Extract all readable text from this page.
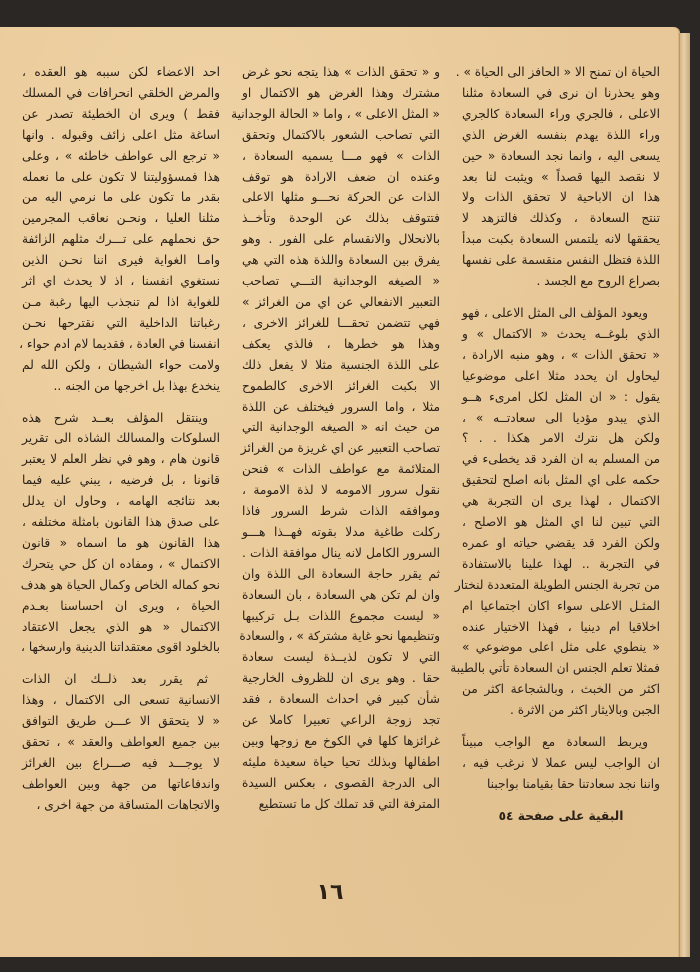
احد الاعضاء لكن سببه هو العقده ،
والمرض الخلقي انحرافات في المسلك
فقط ) ويرى ان الخطيئة تصدر عن
اساغة مثل اعلى زائف وقبوله . وانها
« ترجع الى عواطف خاطئه » ، وعلى
هذا فمسؤوليتنا لا تكون على ما نعمله
بقدر ما تكون على ما نرمي اليه من
مثلنا العليا ، ونحـن نعاقب المجرمين
حق نحملهم على تـــرك مثلهم الزائفة
وامـا الغواية فيرى اننا نحـن الذين
نستغوي انفسنا ، اذ لا يحدث اي اثر
للغواية اذا لم تنجذب اليها رغبة مـن
رغباتنا الداخلية التي نقترحها نحـن
انفسنا في العادة ، فقديما لام ادم حواء ،
ولامت حواء الشيطان ، ولكن الله لم
ينخدع بهذا بل اخرجها من الجنه ..

وينتقل المؤلف بعــد شرح هذه
السلوكات والمسالك الشاذه الى تقرير
قانون هام ، وهو في نظر العلم لا يعتبر
قانونا ، بل فرضيه ، يبني عليه فيما
بعد نتائجه الهامه ، وحاول ان يدلل
على صدق هذا القانون بامثلة مختلفه ،
هذا القانون هو ما اسماه « قانون
الاكتمال » ، ومفاده ان كل حي يتحرك
نحو كماله الخاص وكمال الحياة هو هدف
الحياة ، ويرى ان احساسنا بعـدم
الاكتمال « هو الذي يجعل الاعتقاد
بالخلود اقوى معتقداتنا الدينية وارسخها ،

ثم يقرر بعد ذلــك ان الذات
الانسانية تسعى الى الاكتمال ، وهذا
« لا يتحقق الا عـــن طريق التوافق
بين جميع العواطف والعقد » ، تحقق
لا يوجـــد فيه صـــراع بين الغرائز
واندفاعاتها من جهة وبين العواطف
والاتجاهات المتساقة من جهة اخرى ،

و « تحقق الذات » هذا يتجه نحو غرض
مشترك وهذا الغرض هو الاكتمال او
« المثل الاعلى » ، واما « الحالة الوجدانية
التي تصاحب الشعور بالاكتمال وتحقق
الذات » فهو مـــا يسميه السعادة ،
وعنده ان ضعف الارادة هو توقف
الذات عن الحركة نحـــو مثلها الاعلى
فتتوقف بذلك عن الوحدة وتأخــذ
بالانحلال والانقسام على الفور . وهو
يفرق بين السعادة واللذة هذه التي هي
« الصيغه الوجدانية التـــي تصاحب
التعبير الانفعالي عن اي من الغرائز »
فهي تتضمن تحقـــا للغرائز الاخرى ،
وهذا هو خطرها ، فالذي يعكف
على اللذة الجنسية مثلا لا يفعل ذلك
الا بكبت الغرائز الاخرى كالطموح
مثلا ، واما السرور فيختلف عن اللذة
من حيث انه « الصيغه الوجدانية التي
تصاحب التعبير عن اي غريزة من الغرائز
المتلائمة مع عواطف الذات » فنحن
نقول سرور الامومه لا لذة الامومة ،
وموافقه الذات شرط السرور فاذا
ركلت طاغية مدلا بقوته فهــذا هـــو
السرور الكامل لانه ينال موافقة الذات .
ثم يقرر حاجة السعادة الى اللذة وان
وان لم تكن هي السعادة ، بان السعادة
« ليست مجموع اللذات بـل تركيبها
وتنظيمها نحو غاية مشتركة » ، والسعادة
التي لا تكون لذيــذة ليست سعادة
حقا . وهو يرى ان للظروف الخارجية
شأن كبير في احداث السعادة ، فقد
تجد زوجة الراعي تعبيرا كاملا عن
غرائزها كلها في الكوخ مع زوجها وبين
اطفالها وبذلك تحيا حياة سعيدة مليئه
الى الدرجة القصوى ، بعكس السيدة
المترفة التي قد تملك كل ما تستطيع

الحياة ان تمنح الا « الحافز الى الحياة » .
وهو يحذرنا ان نرى في السعادة مثلنا
الاعلى ، فالجري وراء السعادة كالجري
وراء اللذة يهدم بنفسه الغرض الذي
يسعى اليه ، وانما نجد السعادة « حين
لا نقصد اليها قصداً » ويثبت لنا بعد
هذا ان الاباحية لا تحقق الذات ولا
تنتج السعادة ، وكذلك فالتزهد لا
يحققها لانه يلتمس السعادة بكبت مبدأ
اللذة فتظل النفس منقسمة على نفسها
بصراع الروح مع الجسد .

ويعود المؤلف الى المثل الاعلى ، فهو
الذي بلوغــه يحدث « الاكتمال » و
« تحقق الذات » ، وهو منبه الارادة ،
ليحاول ان يحدد مثلا اعلى موضوعيا
يقول : « ان المثل لكل امرىء هــو
الذي يبدو مؤديا الى سعادتــه » ،
ولكن هل نترك الامر هكذا . . ؟
من المسلم به ان الفرد قد يخطىء في
حكمه على اي المثل بانه اصلح لتحقيق
الاكتمال ، لهذا يرى ان التجربة هي
التي تبين لنا اي المثل هو الاصلح ،
ولكن الفرد قد يقضي حياته او عمره
في التجربة .. لهذا علينا بالاستفادة
من تجربة الجنس الطويلة المتعددة لنختار
المثـل الاعلى سواء اكان اجتماعيا ام
اخلاقيا ام دينيا ، فهذا الاختيار عنده
« ينطوي على مثل اعلى موضوعي »
فمثلا تعلم الجنس ان السعادة تأتي بالطيبة
اكثر من الخبث ، وبالشجاعة اكثر من
الجبن وبالايثار اكثر من الاثرة .

ويربط السعادة مع الواجب مبيناً
ان الواجب ليس عملا لا نرغب فيه ،
واننا نجد سعادتنا حقا بقيامنا بواجبنا

البقية على صفحة ٥٤
١٦
